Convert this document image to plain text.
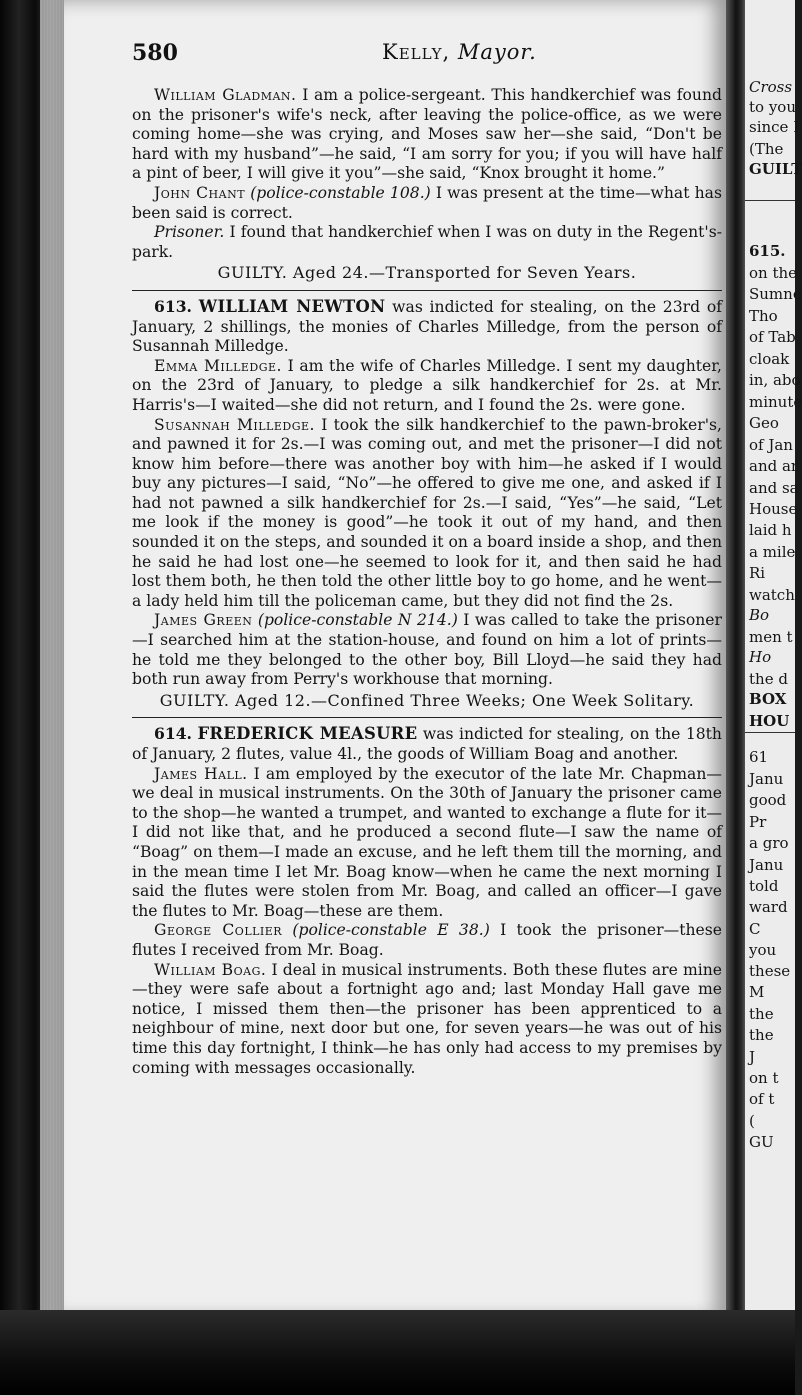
580	Kelly, Mayor.

William Gladman. I am a police-sergeant. This handkerchief was found on the prisoner's wife's neck, after leaving the police-office, as we were coming home—she was crying, and Moses saw her—she said, “Don't be hard with my husband”—he said, “I am sorry for you; if you will have half a pint of beer, I will give it you”—she said, “Knox brought it home.”

John Chant (police-constable 108.) I was present at the time—what has been said is correct.

Prisoner. I found that handkerchief when I was on duty in the Regent's-park.

GUILTY. Aged 24.—Transported for Seven Years.

613. WILLIAM NEWTON was indicted for stealing, on the 23rd of January, 2 shillings, the monies of Charles Milledge, from the person of Susannah Milledge.

Emma Milledge. I am the wife of Charles Milledge. I sent my daughter, on the 23rd of January, to pledge a silk handkerchief for 2s. at Mr. Harris's—I waited—she did not return, and I found the 2s. were gone.

Susannah Milledge. I took the silk handkerchief to the pawn-broker's, and pawned it for 2s.—I was coming out, and met the prisoner—I did not know him before—there was another boy with him—he asked if I would buy any pictures—I said, “No”—he offered to give me one, and asked if I had not pawned a silk handkerchief for 2s.—I said, “Yes”—he said, “Let me look if the money is good”—he took it out of my hand, and then sounded it on the steps, and sounded it on a board inside a shop, and then he said he had lost one—he seemed to look for it, and then said he had lost them both, he then told the other little boy to go home, and he went—a lady held him till the policeman came, but they did not find the 2s.

James Green (police-constable N 214.) I was called to take the prisoner—I searched him at the station-house, and found on him a lot of prints—he told me they belonged to the other boy, Bill Lloyd—he said they had both run away from Perry's workhouse that morning.

GUILTY. Aged 12.—Confined Three Weeks; One Week Solitary.

614. FREDERICK MEASURE was indicted for stealing, on the 18th of January, 2 flutes, value 4l., the goods of William Boag and another.

James Hall. I am employed by the executor of the late Mr. Chapman—we deal in musical instruments. On the 30th of January the prisoner came to the shop—he wanted a trumpet, and wanted to exchange a flute for it—I did not like that, and he produced a second flute—I saw the name of “Boag” on them—I made an excuse, and he left them till the morning, and in the mean time I let Mr. Boag know—when he came the next morning I said the flutes were stolen from Mr. Boag, and called an officer—I gave the flutes to Mr. Boag—these are them.

George Collier (police-constable E 38.) I took the prisoner—these flutes I received from Mr. Boag.

William Boag. I deal in musical instruments. Both these flutes are mine—they were safe about a fortnight ago and; last Monday Hall gave me notice, I missed them then—the prisoner has been apprenticed to a neighbour of mine, next door but one, for seven years—he was out of his time this day fortnight, I think—he has only had access to my premises by coming with messages occasionally.

Cross
to you
since I
(The
GUILT
615.
on the
Sumne
Tho
of Tab
cloak
in, abo
minute
Geo
of Jan
and ar
and sa
House
laid h
a mile
Ri
watch
Bo
men t
Ho
the d
BOX
HOU
61
Janu
good
Pr
a gro
Janu
told
ward
C
you
these
M
the
the
J
on t
of t
(
GU
